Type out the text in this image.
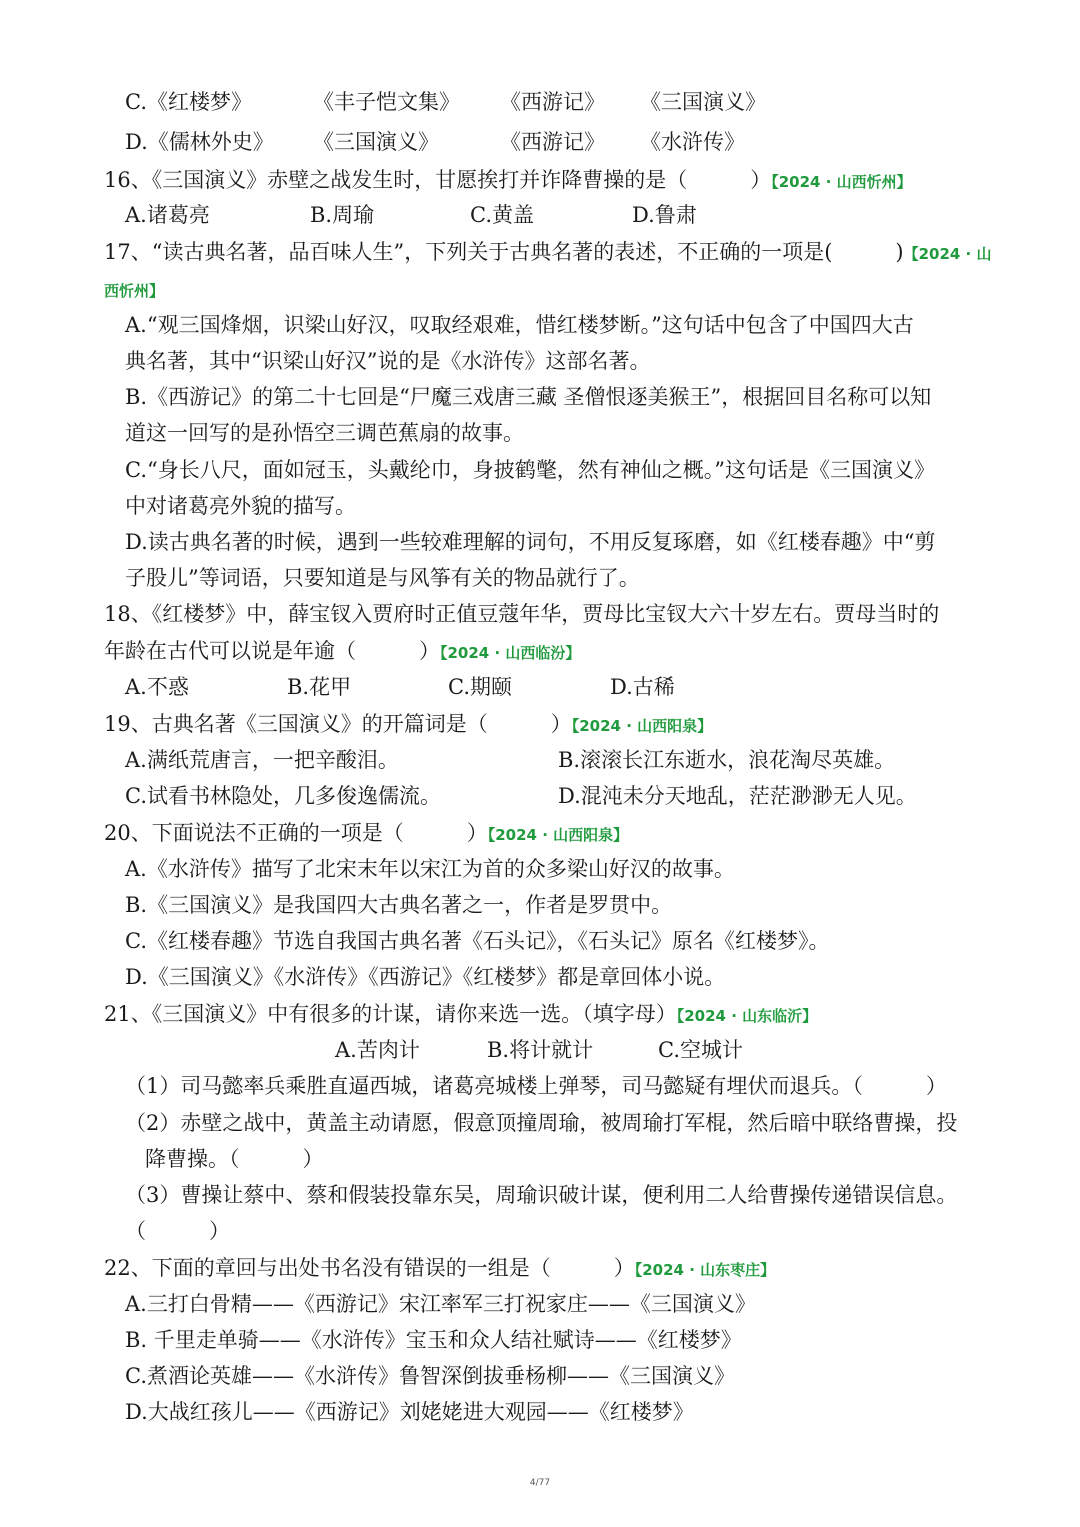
C.《红楼梦》	《丰子恺文集》 《西游记》 《三国演义》
D.《儒林外史》 《三国演义》	《西游记》 《水浒传》
16、《三国演义》赤壁之战发生时，甘愿挨打并诈降曹操的是（　　　）【2024 · 山西忻州】
A.诸葛亮	B.周瑜	C.黄盖	D.鲁肃
17、“读古典名著，品百味人生”，下列关于古典名著的表述，不正确的一项是(　　　)【2024 · 山
西忻州】
A.“观三国烽烟，识梁山好汉，叹取经艰难，惜红楼梦断。”这句话中包含了中国四大古
典名著，其中“识梁山好汉”说的是《水浒传》这部名著。
B.《西游记》的第二十七回是“尸魔三戏唐三藏 圣僧恨逐美猴王”，根据回目名称可以知
道这一回写的是孙悟空三调芭蕉扇的故事。
C.“身长八尺，面如冠玉，头戴纶巾，身披鹤氅，然有神仙之概。”这句话是《三国演义》
中对诸葛亮外貌的描写。
D.读古典名著的时候，遇到一些较难理解的词句，不用反复琢磨，如《红楼春趣》中“剪
子股儿”等词语，只要知道是与风筝有关的物品就行了。
18、《红楼梦》中，薛宝钗入贾府时正值豆蔻年华，贾母比宝钗大六十岁左右。贾母当时的
年龄在古代可以说是年逾（　　　）【2024 · 山西临汾】
A.不惑	B.花甲	C.期颐	D.古稀
19、古典名著《三国演义》的开篇词是（　　　）【2024 · 山西阳泉】
A.满纸荒唐言，一把辛酸泪。	B.滚滚长江东逝水，浪花淘尽英雄。
C.试看书林隐处，几多俊逸儒流。	D.混沌未分天地乱，茫茫渺渺无人见。
20、下面说法不正确的一项是（　　　）【2024 · 山西阳泉】
A.《水浒传》描写了北宋末年以宋江为首的众多梁山好汉的故事。
B.《三国演义》是我国四大古典名著之一，作者是罗贯中。
C.《红楼春趣》节选自我国古典名著《石头记》，《石头记》原名《红楼梦》。
D.《三国演义》《水浒传》《西游记》《红楼梦》都是章回体小说。
21、《三国演义》中有很多的计谋，请你来选一选。（填字母）【2024 · 山东临沂】
A.苦肉计	B.将计就计	C.空城计
（1）司马懿率兵乘胜直逼西城，诸葛亮城楼上弹琴，司马懿疑有埋伏而退兵。（　　　）
（2）赤壁之战中，黄盖主动请愿，假意顶撞周瑜，被周瑜打军棍，然后暗中联络曹操，投
降曹操。（　　　）
（3）曹操让蔡中、蔡和假装投靠东吴，周瑜识破计谋，便利用二人给曹操传递错误信息。
（　　　）
22、下面的章回与出处书名没有错误的一组是（　　　）【2024 · 山东枣庄】
A.三打白骨精——《西游记》宋江率军三打祝家庄——《三国演义》
B. 千里走单骑——《水浒传》宝玉和众人结社赋诗——《红楼梦》
C.煮酒论英雄——《水浒传》鲁智深倒拔垂杨柳——《三国演义》
D.大战红孩儿——《西游记》刘姥姥进大观园——《红楼梦》
4/77
